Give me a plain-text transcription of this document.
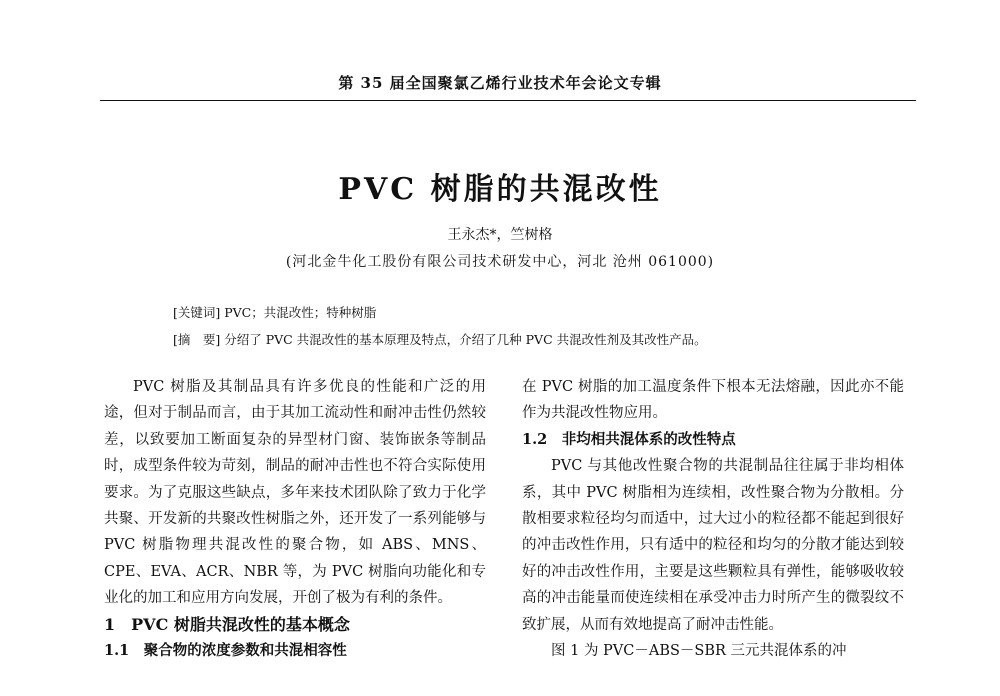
第 35 届全国聚氯乙烯行业技术年会论文专辑
PVC 树脂的共混改性
王永杰*，竺树格
(河北金牛化工股份有限公司技术研发中心，河北 沧州 061000)
[关键词] PVC；共混改性；特种树脂
[摘　要] 分绍了 PVC 共混改性的基本原理及特点，介绍了几种 PVC 共混改性剂及其改性产品。

PVC 树脂及其制品具有许多优良的性能和广泛的用途，但对于制品而言，由于其加工流动性和耐冲击性仍然较差，以致要加工断面复杂的异型材门窗、装饰嵌条等制品时，成型条件较为苛刻，制品的耐冲击性也不符合实际使用要求。为了克服这些缺点，多年来技术团队除了致力于化学共聚、开发新的共聚改性树脂之外，还开发了一系列能够与 PVC 树脂物理共混改性的聚合物，如 ABS、MNS、CPE、EVA、ACR、NBR 等，为 PVC 树脂向功能化和专业化的加工和应用方向发展，开创了极为有利的条件。

1　PVC 树脂共混改性的基本概念

1.1　聚合物的浓度参数和共混相容性

在 PVC 树脂的加工温度条件下根本无法熔融，因此亦不能作为共混改性物应用。

1.2　非均相共混体系的改性特点

PVC 与其他改性聚合物的共混制品往往属于非均相体系，其中 PVC 树脂相为连续相，改性聚合物为分散相。分散相要求粒径均匀而适中，过大过小的粒径都不能起到很好的冲击改性作用，只有适中的粒径和均匀的分散才能达到较好的冲击改性作用，主要是这些颗粒具有弹性，能够吸收较高的冲击能量而使连续相在承受冲击力时所产生的微裂纹不致扩展，从而有效地提高了耐冲击性能。

图 1 为 PVC－ABS－SBR 三元共混体系的冲
